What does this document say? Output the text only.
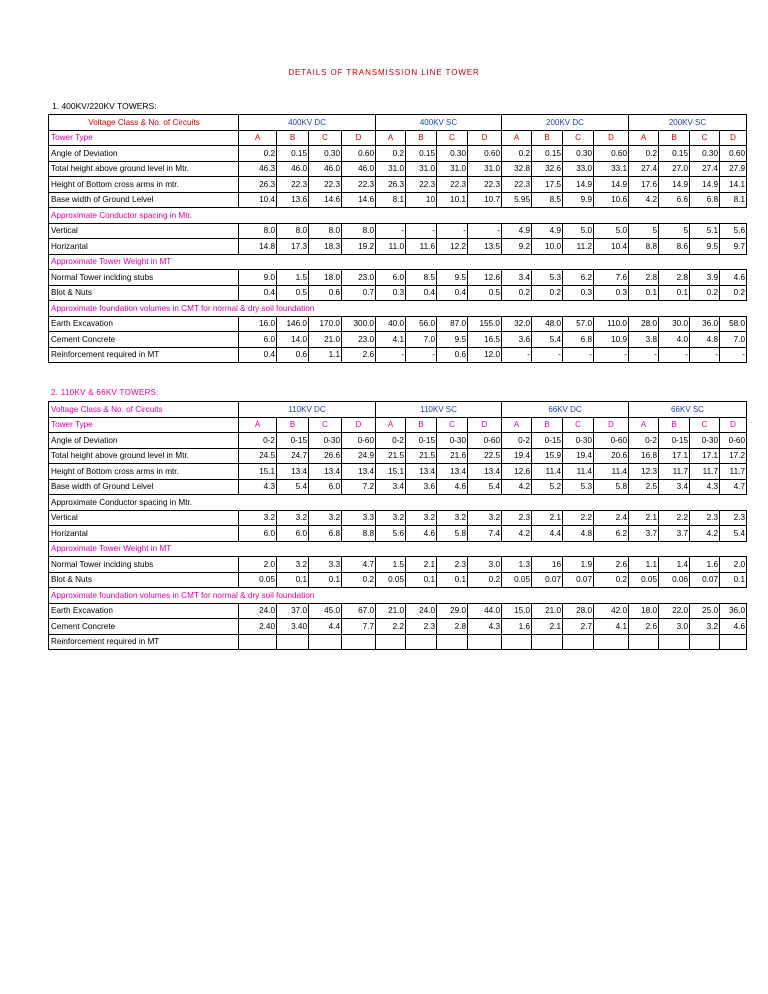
DETAILS OF TRANSMISSION LINE TOWER
1. 400KV/220KV TOWERS:
2. 110KV & 66KV TOWERS:
Voltage Class & No. of Circuits	400KV DC				400KV SC				200KV DC				200KV SC			
Tower Type	A	B	C	D	A	B	C	D	A	B	C	D	A	B	C	D
Angle of Deviation	0.2	0.15	0.30	0.60	0.2	0.15	0.30	0.60	0.2	0.15	0.30	0.60	0.2	0.15	0.30	0.60
Total height above ground level in Mtr.	46.3	46.0	46.0	46.0	31.0	31.0	31.0	31.0	32.8	32.6	33.0	33.1	27.4	27.0	27.4	27.9
Height of Bottom cross arms in mtr.	26.3	22.3	22.3	22.3	26.3	22.3	22.3	22.3	22.3	17.5	14.9	14.9	17.6	14.9	14.9	14.1
Base width of Ground Lelvel	10.4	13.6	14.6	14.6	8.1	10	10.1	10.7	5.95	8.5	9.9	10.6	4.2	6.6	6.8	8.1
Approximate Conductor spacing in Mtr.																
Vertical	8.0	8.0	8.0	8.0	-	-	-	-	4.9	4.9	5.0	5.0	5	5	5.1	5.6
Horizantal	14.8	17.3	18.3	19.2	11.0	11.6	12.2	13.5	9.2	10.0	11.2	10.4	8.8	8.6	9.5	9.7
Approximate Tower Weight in MT																
Normal Tower inclding stubs	9.0	1.5	18.0	23.0	6.0	8.5	9.5	12.6	3.4	5.3	6.2	7.6	2.8	2.8	3.9	4.6
Blot & Nuts	0.4	0.5	0.6	0.7	0.3	0.4	0.4	0.5	0.2	0.2	0.3	0.3	0.1	0.1	0.2	0.2
Approximate foundation volumes in CMT for normal & dry soil foundation																
Earth Excavation	16.0	146.0	170.0	300.0	40.0	56.0	87.0	155.0	32.0	48.0	57.0	110.0	28.0	30.0	36.0	58.0
Cement Concrete	6.0	14.0	21.0	23.0	4.1	7.0	9.5	16.5	3.6	5.4	6.8	10.9	3.8	4.0	4.8	7.0
Reinforcement required in MT	0.4	0.6	1.1	2.6	-	-	0.6	12.0	-	-	-	-	-	-	-	-
Voltage Class & No. of Circuits	110KV DC				110KV SC				66KV DC				66KV SC			
Tower Type	A	B	C	D	A	B	C	D	A	B	C	D	A	B	C	D
Angle of Deviation	0-2	0-15	0-30	0-60	0-2	0-15	0-30	0-60	0-2	0-15	0-30	0-60	0-2	0-15	0-30	0-60
Total height above ground level in Mtr.	24.5	24.7	26.6	24.9	21.5	21.5	21.6	22.5	19.4	15.9	19.4	20.6	16.8	17.1	17.1	17.2
Height of Bottom cross arms in mtr.	15.1	13.4	13.4	13.4	15.1	13.4	13.4	13.4	12.6	11.4	11.4	11.4	12.3	11.7	11.7	11.7
Base width of Ground Lelvel	4.3	5.4	6.0	7.2	3.4	3.6	4.6	5.4	4.2	5.2	5.3	5.8	2.5	3.4	4.3	4.7
Approximate Conductor spacing in Mtr.																
Vertical	3.2	3.2	3.2	3.3	3.2	3.2	3.2	3.2	2.3	2.1	2.2	2.4	2.1	2.2	2.3	2.3
Horizantal	6.0	6.0	6.8	8.8	5.6	4.6	5.8	7.4	4.2	4.4	4.8	6.2	3.7	3.7	4.2	5.4
Approximate Tower Weight in MT																
Normal Tower inclding stubs	2.0	3.2	3.3	4.7	1.5	2.1	2.3	3.0	1.3	16	1.9	2.6	1.1	1.4	1.6	2.0
Blot & Nuts	0.05	0.1	0.1	0.2	0.05	0.1	0.1	0.2	0.05	0.07	0.07	0.2	0.05	0.06	0.07	0.1
Approximate foundation volumes in CMT for normal & dry soil foundation																
Earth Excavation	24.0	37.0	45.0	67.0	21.0	24.0	29.0	44.0	15.0	21.0	28.0	42.0	18.0	22.0	25.0	36.0
Cement Concrete	2.40	3.40	4.4	7.7	2.2	2.3	2.8	4.3	1.6	2.1	2.7	4.1	2.6	3.0	3.2	4.6
Reinforcement required in MT																
